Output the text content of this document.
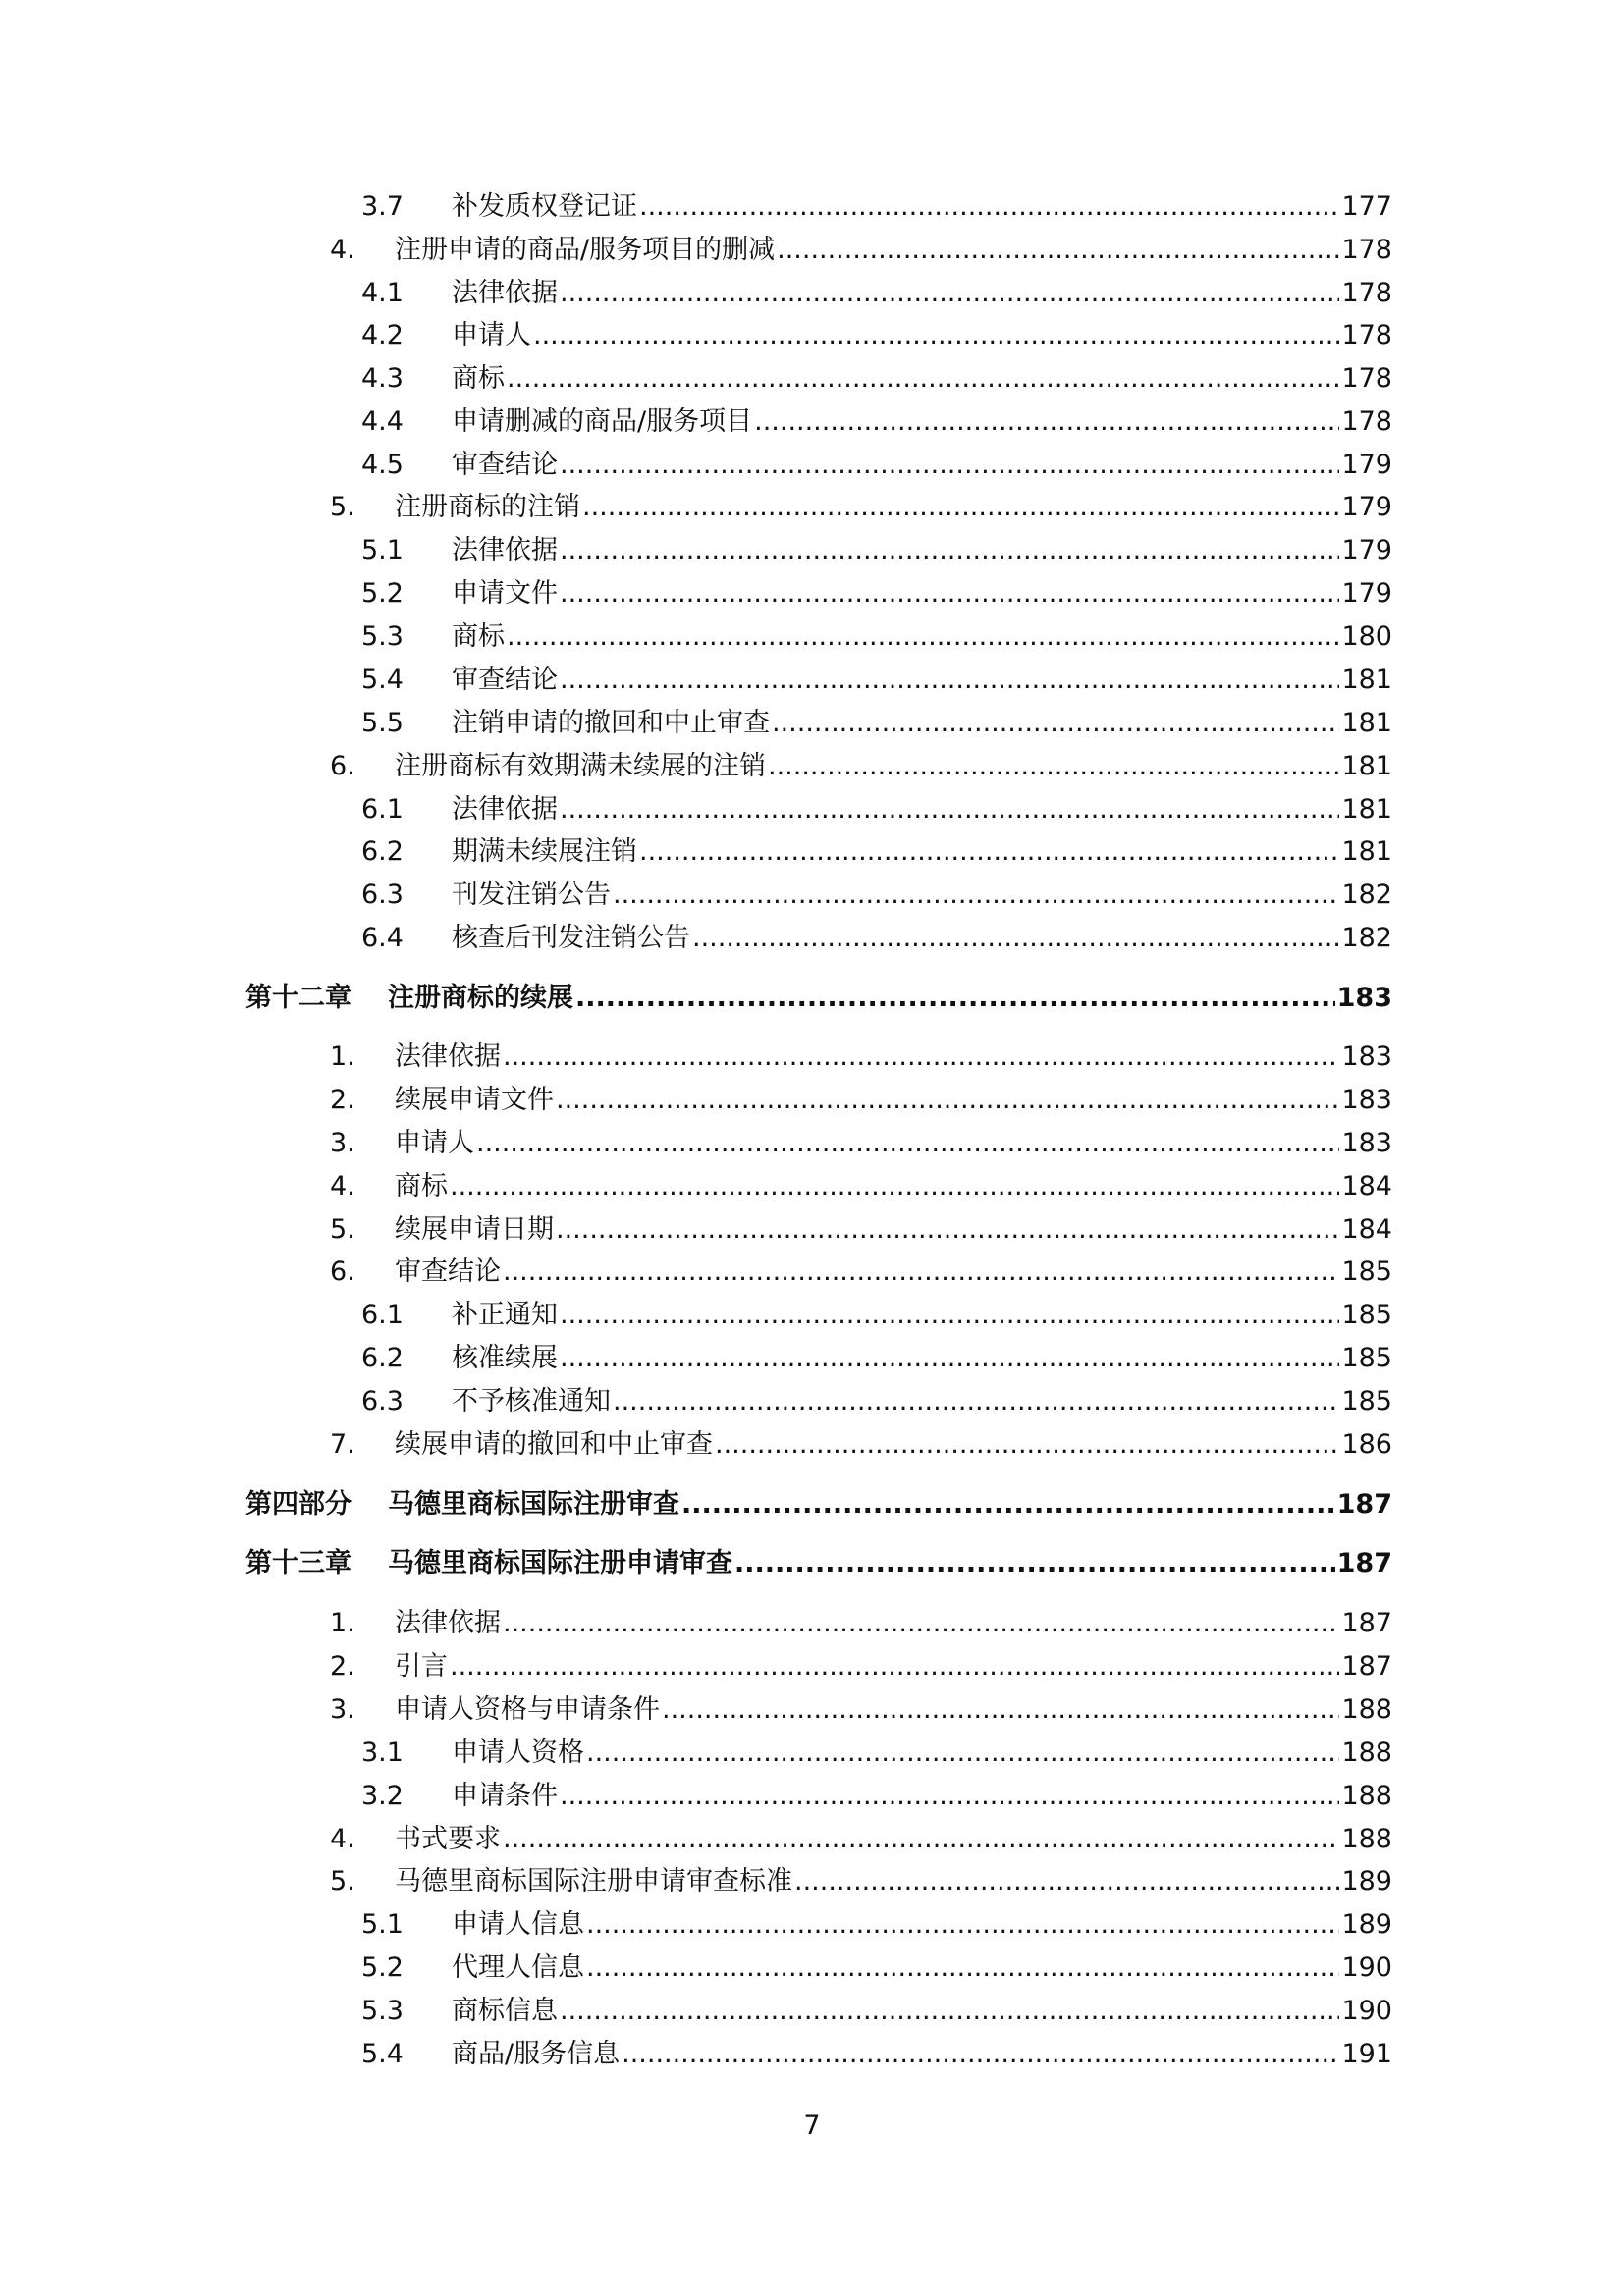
3.7 补发质权登记证 .....	177
4. 注册申请的商品/服务项目的删减 .....	178
4.1 法律依据 .....	178
4.2 申请人 .....	178
4.3 商标 .....	178
4.4 申请删减的商品/服务项目 .....	178
4.5 审查结论 .....	179
5. 注册商标的注销 .....	179
5.1 法律依据 .....	179
5.2 申请文件 .....	179
5.3 商标 .....	180
5.4 审查结论 .....	181
5.5 注销申请的撤回和中止审查 .....	181
6. 注册商标有效期满未续展的注销 .....	181
6.1 法律依据 .....	181
6.2 期满未续展注销 .....	181
6.3 刊发注销公告 .....	182
6.4 核查后刊发注销公告 .....	182
第十二章 注册商标的续展 .....	183
1. 法律依据 .....	183
2. 续展申请文件 .....	183
3. 申请人 .....	183
4. 商标 .....	184
5. 续展申请日期 .....	184
6. 审查结论 .....	185
6.1 补正通知 .....	185
6.2 核准续展 .....	185
6.3 不予核准通知 .....	185
7. 续展申请的撤回和中止审查 .....	186
第四部分 马德里商标国际注册审查 .....	187
第十三章 马德里商标国际注册申请审查 .....	187
1. 法律依据 .....	187
2. 引言 .....	187
3. 申请人资格与申请条件 .....	188
3.1 申请人资格 .....	188
3.2 申请条件 .....	188
4. 书式要求 .....	188
5. 马德里商标国际注册申请审查标准 .....	189
5.1 申请人信息 .....	189
5.2 代理人信息 .....	190
5.3 商标信息 .....	190
5.4 商品/服务信息 .....	191
7
